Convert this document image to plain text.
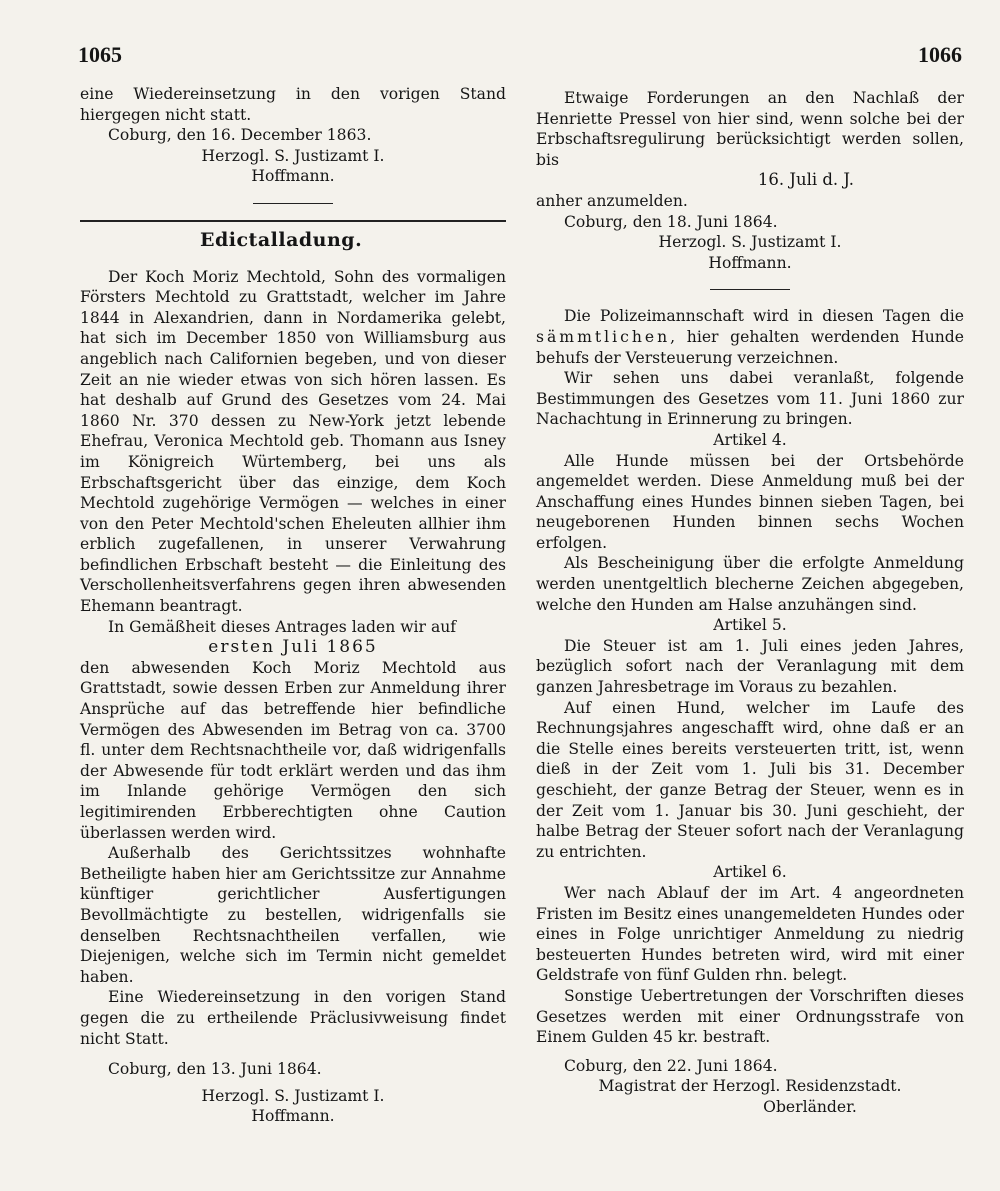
1065	1066

eine Wiedereinsetzung in den vorigen Stand hiergegen nicht statt.

Coburg, den 16. December 1863.

Herzogl. S. Justizamt I.

Hoffmann.

Edictalladung.

Der Koch Moriz Mechtold, Sohn des vormaligen Försters Mechtold zu Grattstadt, welcher im Jahre 1844 in Alexandrien, dann in Nordamerika gelebt, hat sich im December 1850 von Williamsburg aus angeblich nach Californien begeben, und von dieser Zeit an nie wieder etwas von sich hören lassen. Es hat deshalb auf Grund des Gesetzes vom 24. Mai 1860 Nr. 370 dessen zu New-York jetzt lebende Ehefrau, Veronica Mechtold geb. Thomann aus Isney im Königreich Würtemberg, bei uns als Erbschaftsgericht über das einzige, dem Koch Mechtold zugehörige Vermögen — welches in einer von den Peter Mechtold'schen Eheleuten allhier ihm erblich zugefallenen, in unserer Verwahrung befindlichen Erbschaft besteht — die Einleitung des Verschollenheitsverfahrens gegen ihren abwesenden Ehemann beantragt.

In Gemäßheit dieses Antrages laden wir auf

ersten Juli 1865

den abwesenden Koch Moriz Mechtold aus Grattstadt, sowie dessen Erben zur Anmeldung ihrer Ansprüche auf das betreffende hier befindliche Vermögen des Abwesenden im Betrag von ca. 3700 fl. unter dem Rechtsnachtheile vor, daß widrigenfalls der Abwesende für todt erklärt werden und das ihm im Inlande gehörige Vermögen den sich legitimirenden Erbberechtigten ohne Caution überlassen werden wird.

Außerhalb des Gerichtssitzes wohnhafte Betheiligte haben hier am Gerichtssitze zur Annahme künftiger gerichtlicher Ausfertigungen Bevollmächtigte zu bestellen, widrigenfalls sie denselben Rechtsnachtheilen verfallen, wie Diejenigen, welche sich im Termin nicht gemeldet haben.

Eine Wiedereinsetzung in den vorigen Stand gegen die zu ertheilende Präclusivweisung findet nicht Statt.

Coburg, den 13. Juni 1864.

Herzogl. S. Justizamt I.

Hoffmann.

Etwaige Forderungen an den Nachlaß der Henriette Pressel von hier sind, wenn solche bei der Erbschaftsregulirung berücksichtigt werden sollen, bis

16. Juli d. J.

anher anzumelden.

Coburg, den 18. Juni 1864.

Herzogl. S. Justizamt I.

Hoffmann.

Die Polizeimannschaft wird in diesen Tagen die sämmtlichen, hier gehalten werdenden Hunde behufs der Versteuerung verzeichnen.

Wir sehen uns dabei veranlaßt, folgende Bestimmungen des Gesetzes vom 11. Juni 1860 zur Nachachtung in Erinnerung zu bringen.

Artikel 4.

Alle Hunde müssen bei der Ortsbehörde angemeldet werden. Diese Anmeldung muß bei der Anschaffung eines Hundes binnen sieben Tagen, bei neugeborenen Hunden binnen sechs Wochen erfolgen.

Als Bescheinigung über die erfolgte Anmeldung werden unentgeltlich blecherne Zeichen abgegeben, welche den Hunden am Halse anzuhängen sind.

Artikel 5.

Die Steuer ist am 1. Juli eines jeden Jahres, bezüglich sofort nach der Veranlagung mit dem ganzen Jahresbetrage im Voraus zu bezahlen.

Auf einen Hund, welcher im Laufe des Rechnungsjahres angeschafft wird, ohne daß er an die Stelle eines bereits versteuerten tritt, ist, wenn dieß in der Zeit vom 1. Juli bis 31. December geschieht, der ganze Betrag der Steuer, wenn es in der Zeit vom 1. Januar bis 30. Juni geschieht, der halbe Betrag der Steuer sofort nach der Veranlagung zu entrichten.

Artikel 6.

Wer nach Ablauf der im Art. 4 angeordneten Fristen im Besitz eines unangemeldeten Hundes oder eines in Folge unrichtiger Anmeldung zu niedrig besteuerten Hundes betreten wird, wird mit einer Geldstrafe von fünf Gulden rhn. belegt.

Sonstige Uebertretungen der Vorschriften dieses Gesetzes werden mit einer Ordnungsstrafe von Einem Gulden 45 kr. bestraft.

Coburg, den 22. Juni 1864.

Magistrat der Herzogl. Residenzstadt.

Oberländer.
